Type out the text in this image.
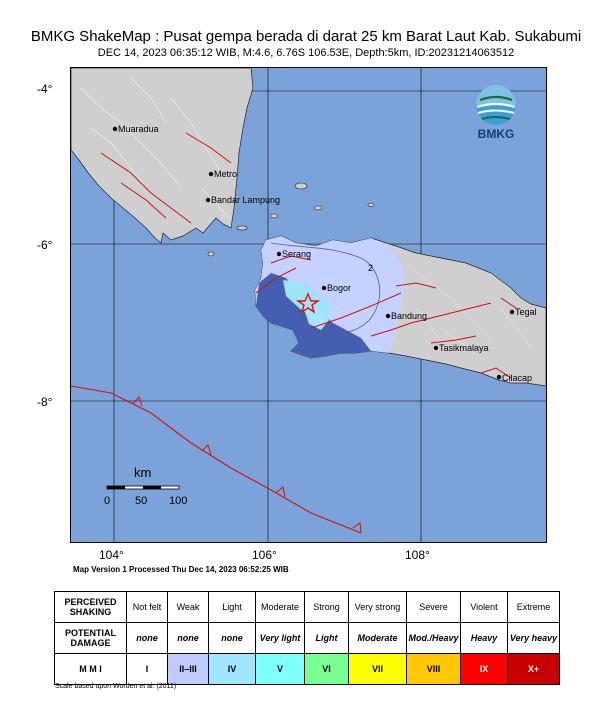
BMKG ShakeMap : Pusat gempa berada di darat 25 km Barat Laut Kab. Sukabumi
DEC 14, 2023 06:35:12 WIB, M:4.6, 6.76S 106.53E, Depth:5km, ID:20231214063512
-4°
-6°
-8°
2
Muaradua
Metro
Bandar Lampung
Serang
Bogor
Bandung	Tegal
Tasikmalaya
Cilacap
BMKG
km
0 50 100
104°	106°	108°
Map Version 1 Processed Thu Dec 14, 2023 06:52:25 WIB
PERCEIVED SHAKING	Not felt	Weak	Light	Moderate	Strong	Very strong	Severe	Violent	Extreme
POTENTIAL DAMAGE	none	none	none	Very light	Light	Moderate	Mod./Heavy	Heavy	Very heavy
M M I	I	II–III	IV	V	VI	VII	VIII	IX	X+
Scale based upon Worden et al. (2011)
